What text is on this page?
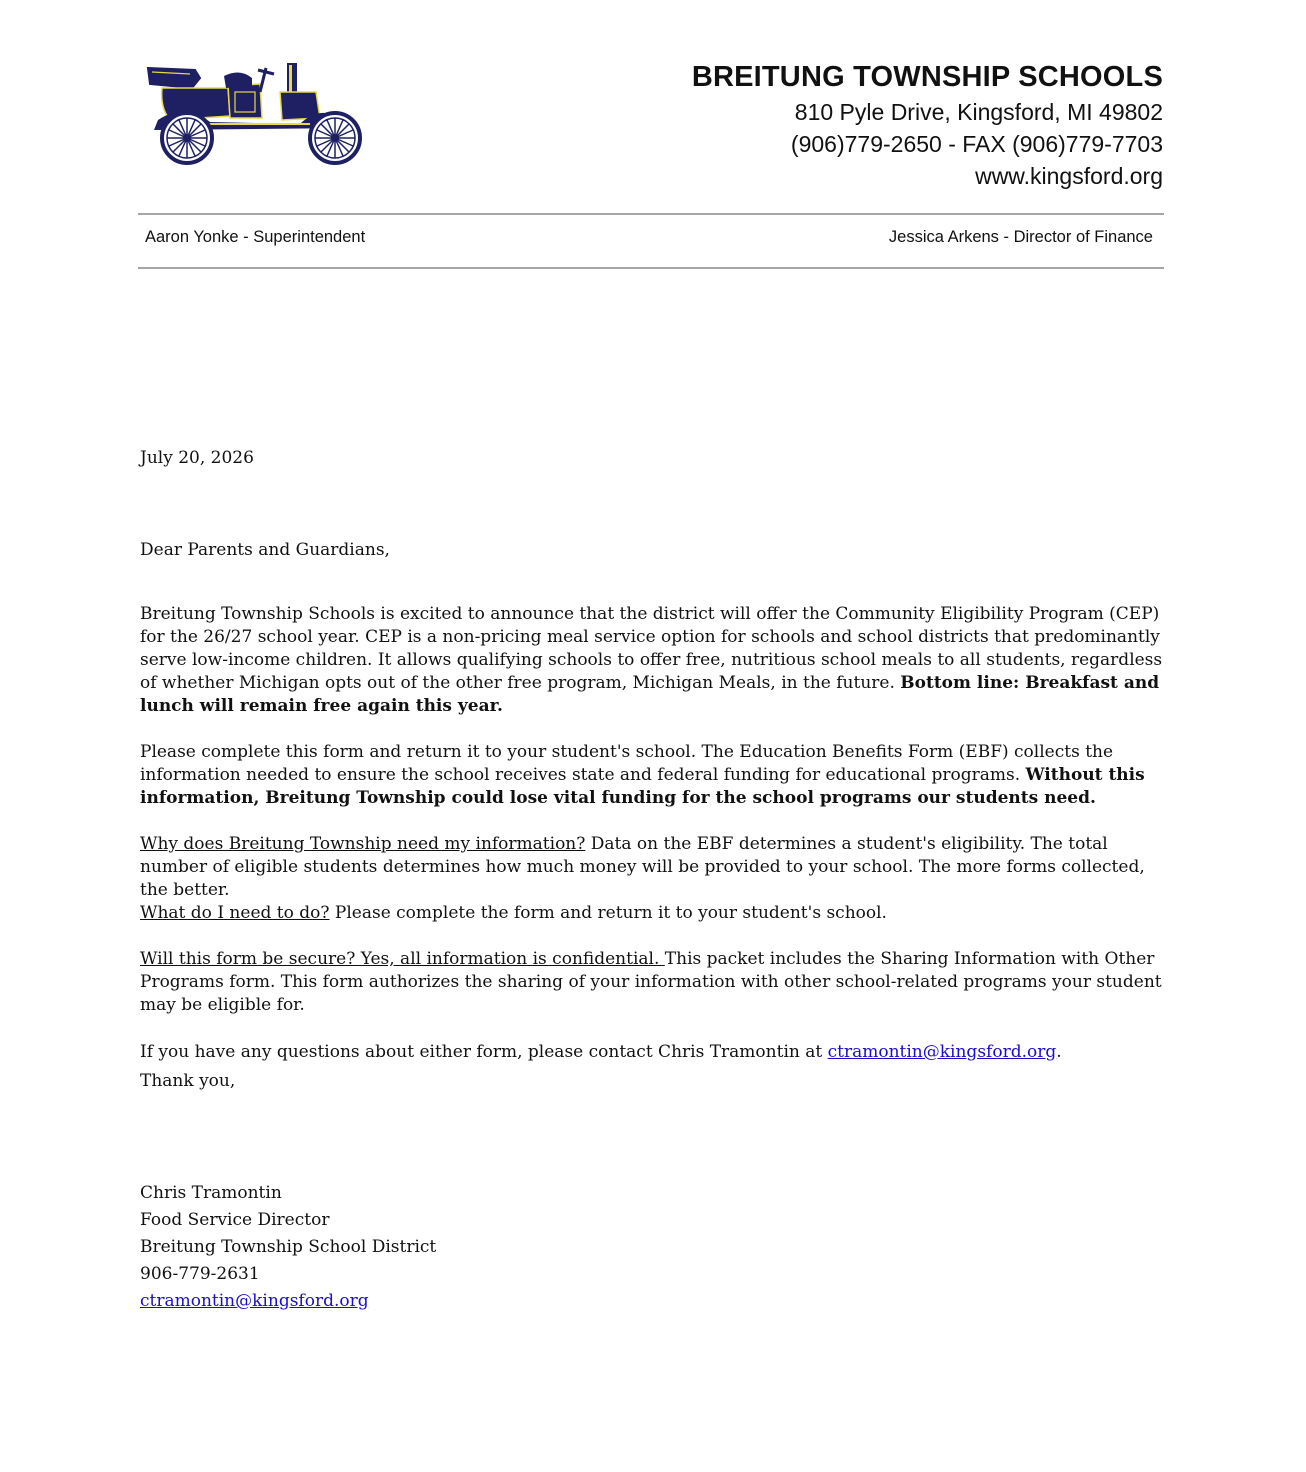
BREITUNG TOWNSHIP SCHOOLS
810 Pyle Drive, Kingsford, MI 49802
(906)779-2650 - FAX (906)779-7703
www.kingsford.org
Aaron Yonke - Superintendent	Jessica Arkens - Director of Finance
July 20, 2026
Dear Parents and Guardians,

Breitung Township Schools is excited to announce that the district will offer the Community Eligibility Program (CEP) for the 26/27 school year. CEP is a non-pricing meal service option for schools and school districts that predominantly serve low-income children. It allows qualifying schools to offer free, nutritious school meals to all students, regardless of whether Michigan opts out of the other free program, Michigan Meals, in the future. Bottom line: Breakfast and lunch will remain free again this year.

Please complete this form and return it to your student's school. The Education Benefits Form (EBF) collects the information needed to ensure the school receives state and federal funding for educational programs. Without this information, Breitung Township could lose vital funding for the school programs our students need.

Why does Breitung Township need my information? Data on the EBF determines a student's eligibility. The total number of eligible students determines how much money will be provided to your school. The more forms collected, the better.

What do I need to do? Please complete the form and return it to your student's school.

Will this form be secure? Yes, all information is confidential. This packet includes the Sharing Information with Other Programs form. This form authorizes the sharing of your information with other school-related programs your student may be eligible for.

If you have any questions about either form, please contact Chris Tramontin at ctramontin@kingsford.org.

Thank you,
Chris Tramontin
Food Service Director
Breitung Township School District
906-779-2631
ctramontin@kingsford.org
